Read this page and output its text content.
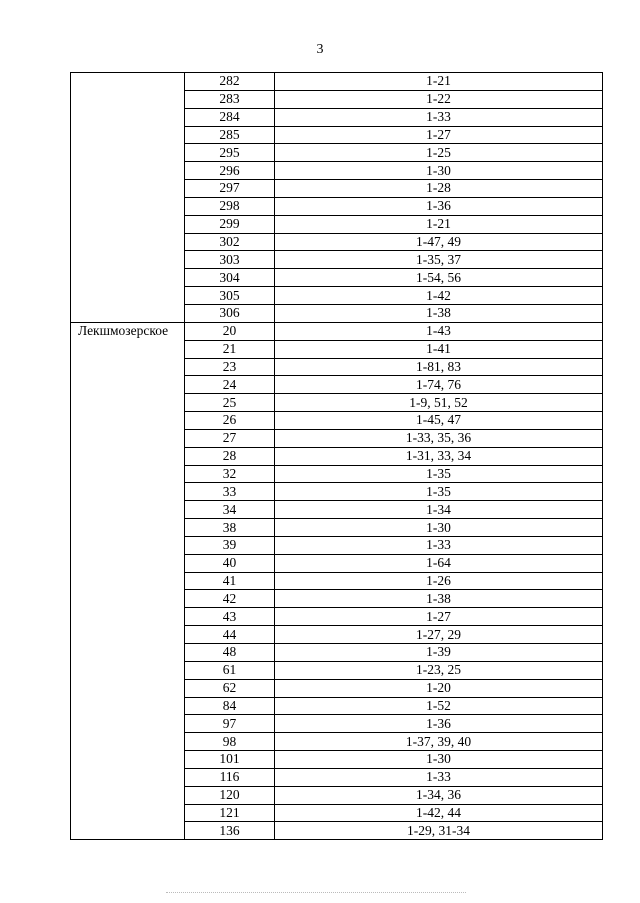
3
	282	1-21
	283	1-22
	284	1-33
	285	1-27
	295	1-25
	296	1-30
	297	1-28
	298	1-36
	299	1-21
	302	1-47, 49
	303	1-35, 37
	304	1-54, 56
	305	1-42
	306	1-38
Лекшмозерское	20	1-43
	21	1-41
	23	1-81, 83
	24	1-74, 76
	25	1-9, 51, 52
	26	1-45, 47
	27	1-33, 35, 36
	28	1-31, 33, 34
	32	1-35
	33	1-35
	34	1-34
	38	1-30
	39	1-33
	40	1-64
	41	1-26
	42	1-38
	43	1-27
	44	1-27, 29
	48	1-39
	61	1-23, 25
	62	1-20
	84	1-52
	97	1-36
	98	1-37, 39, 40
	101	1-30
	116	1-33
	120	1-34, 36
	121	1-42, 44
	136	1-29, 31-34
